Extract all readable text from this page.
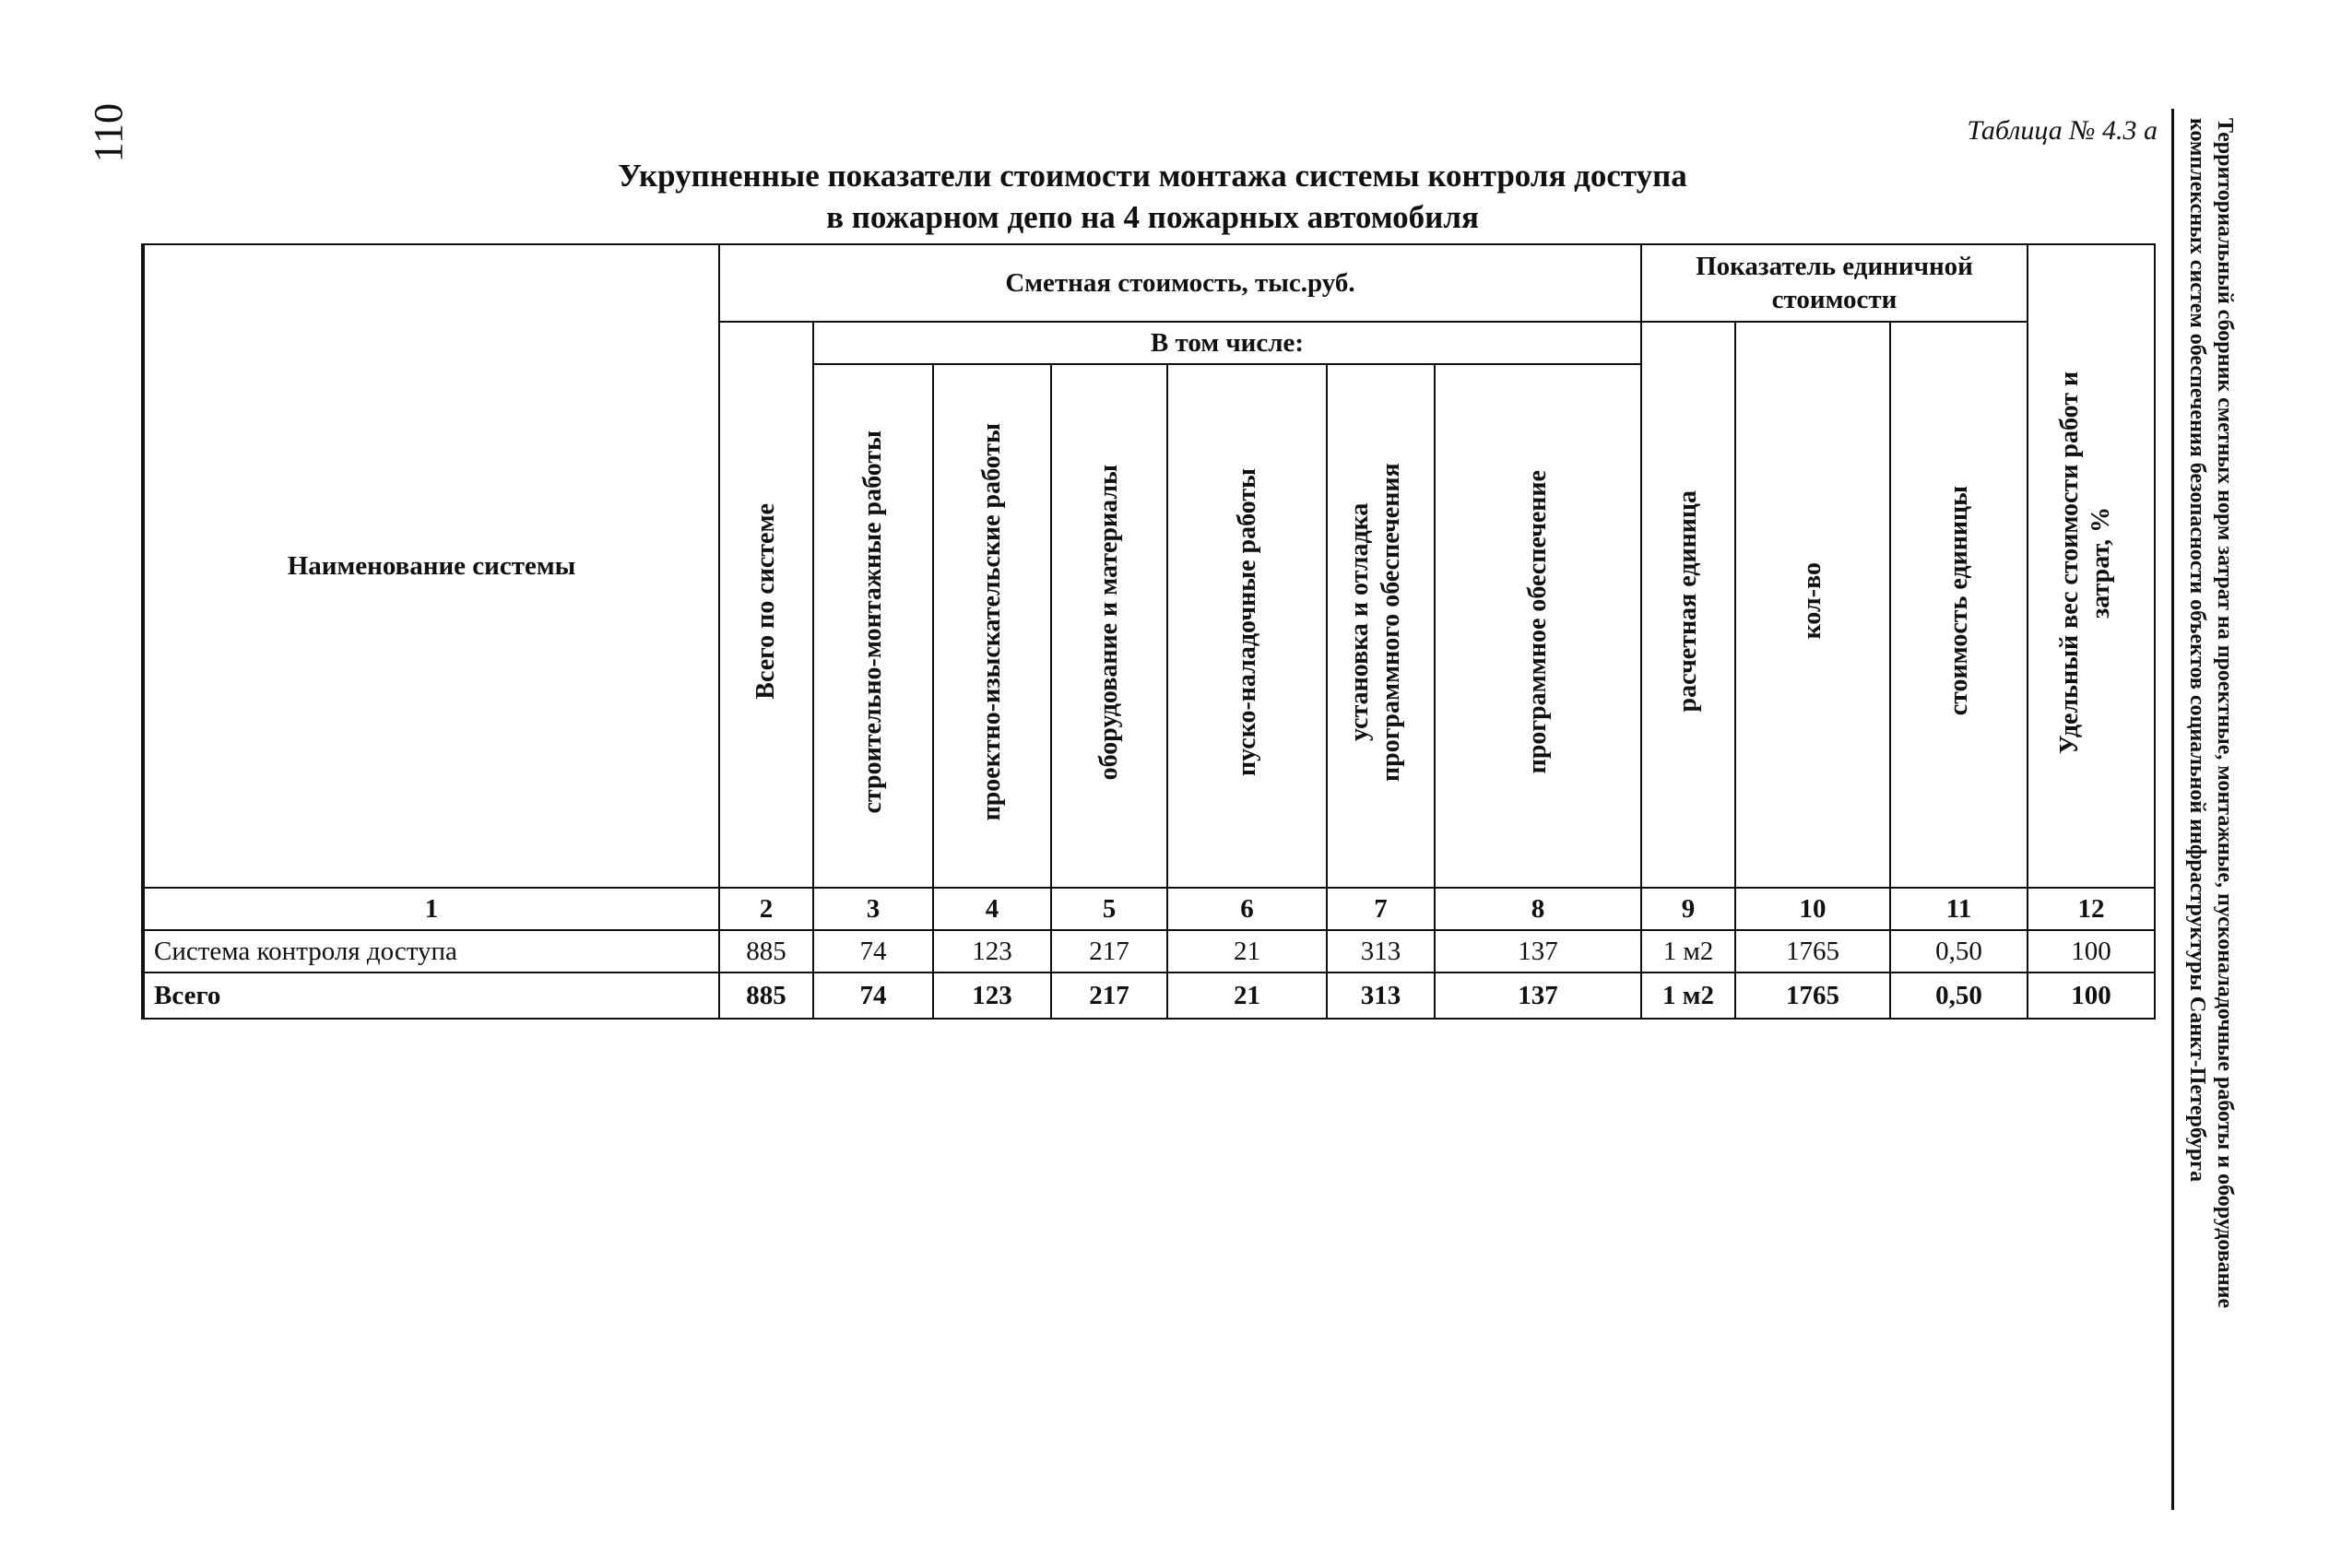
110	Таблица № 4.3 а
Укрупненные показатели стоимости монтажа системы контроля доступа
в пожарном депо на 4 пожарных автомобиля	Территориальный сборник сметных норм затрат на проектные, монтажные, пусконаладочные работы и оборудование комплексных систем обеспечения безопасности объектов социальной инфраструктуры Санкт-Петербурга
Наименование системы	Сметная стоимость, тыс.руб.							Показатель единичной стоимости			Удельный вес стоимости работ и затрат, %
	Всего по системе	В том числе:						расчетная единица	кол-во	стоимость единицы	
		строительно-монтажные работы	проектно-изыскательские работы	оборудование и материалы	пуско-наладочные работы	установка и отладка программного обеспечения	программное обеспечение				
1	2	3	4	5	6	7	8	9	10	11	12
Система контроля доступа	885	74	123	217	21	313	137	1 м2	1765	0,50	100
Всего	885	74	123	217	21	313	137	1 м2	1765	0,50	100
